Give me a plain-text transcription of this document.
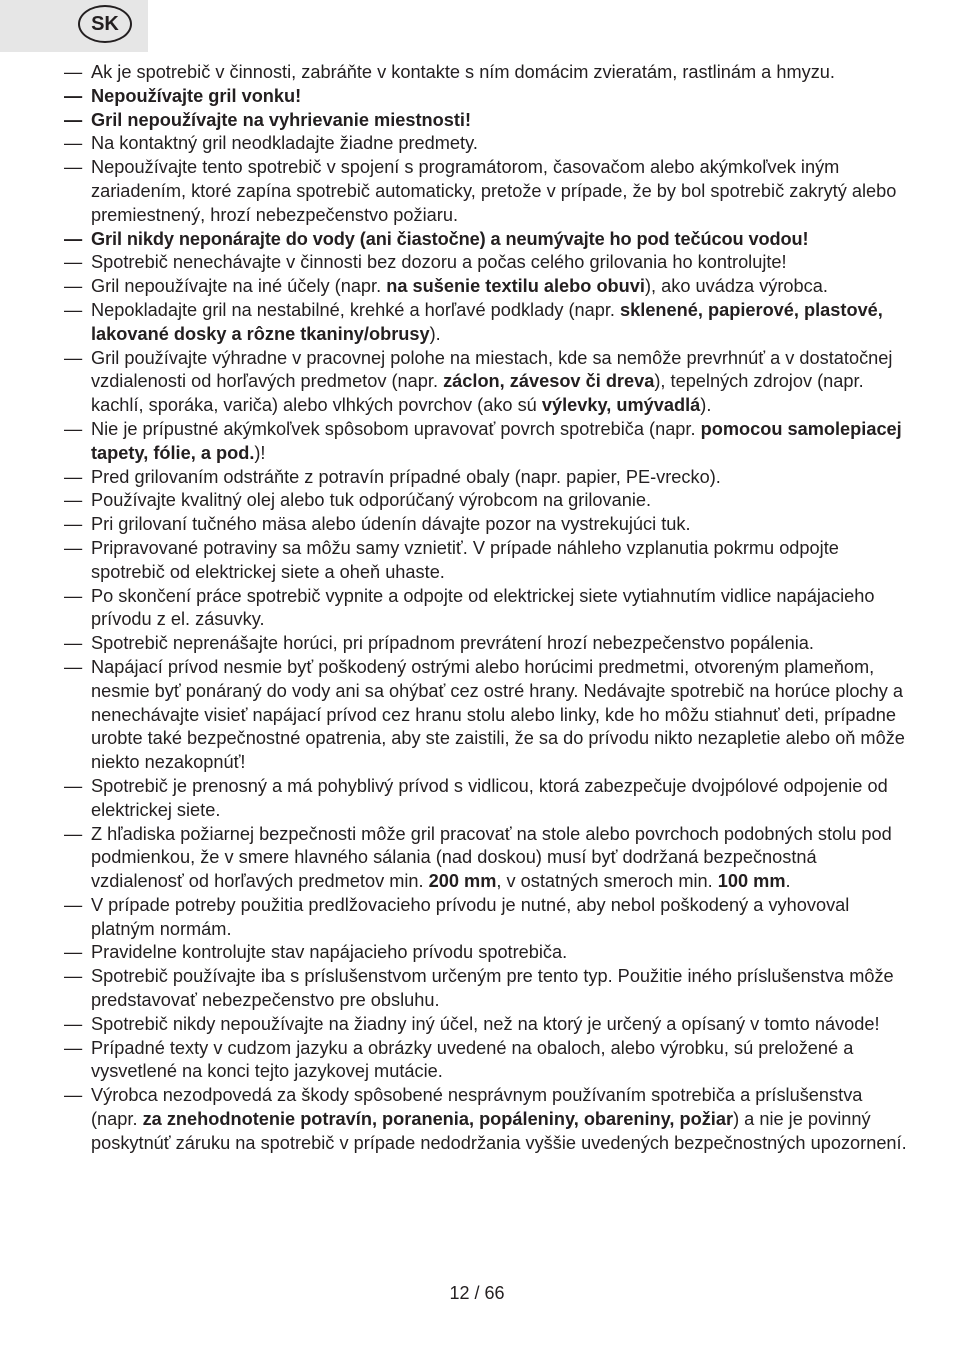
SK

— Ak je spotrebič v činnosti, zabráňte v kontakte s ním domácim zvieratám, rastlinám a hmyzu.

— Nepoužívajte gril vonku!

— Gril nepoužívajte na vyhrievanie miestnosti!

— Na kontaktný gril neodkladajte žiadne predmety.

— Nepoužívajte tento spotrebič v spojení s programátorom, časovačom alebo akýmkoľvek iným zariadením, ktoré zapína spotrebič automaticky, pretože v prípade, že by bol spotrebič zakrytý alebo premiestnený, hrozí nebezpečenstvo požiaru.

— Gril nikdy neponárajte do vody (ani čiastočne) a neumývajte ho pod tečúcou vodou!

— Spotrebič nenechávajte v činnosti bez dozoru a počas celého grilovania ho kontrolujte!

— Gril nepoužívajte na iné účely (napr. na sušenie textilu alebo obuvi), ako uvádza výrobca.

— Nepokladajte gril na nestabilné, krehké a horľavé podklady (napr. sklenené, papierové, plastové, lakované dosky a rôzne tkaniny/obrusy).

— Gril používajte výhradne v pracovnej polohe na miestach, kde sa nemôže prevrhnúť a v dostatočnej vzdialenosti od horľavých predmetov (napr. záclon, závesov či dreva), tepelných zdrojov (napr. kachlí, sporáka, variča) alebo vlhkých povrchov (ako sú výlevky, umývadlá).

— Nie je prípustné akýmkoľvek spôsobom upravovať povrch spotrebiča (napr. pomocou samolepiacej tapety, fólie, a pod.)!

— Pred grilovaním odstráňte z potravín prípadné obaly (napr. papier, PE-vrecko).

— Používajte kvalitný olej alebo tuk odporúčaný výrobcom na grilovanie.

— Pri grilovaní tučného mäsa alebo údenín dávajte pozor na vystrekujúci tuk.

— Pripravované potraviny sa môžu samy vznietiť. V prípade náhleho vzplanutia pokrmu odpojte spotrebič od elektrickej siete a oheň uhaste.

— Po skončení práce spotrebič vypnite a odpojte od elektrickej siete vytiahnutím vidlice napájacieho prívodu z el. zásuvky.

— Spotrebič neprenášajte horúci, pri prípadnom prevrátení hrozí nebezpečenstvo popálenia.

— Napájací prívod nesmie byť poškodený ostrými alebo horúcimi predmetmi, otvoreným plameňom, nesmie byť ponáraný do vody ani sa ohýbať cez ostré hrany. Nedávajte spotrebič na horúce plochy a nenechávajte visieť napájací prívod cez hranu stolu alebo linky, kde ho môžu stiahnuť deti, prípadne urobte také bezpečnostné opatrenia, aby ste zaistili, že sa do prívodu nikto nezapletie alebo oň môže niekto nezakopnúť!

— Spotrebič je prenosný a má pohyblivý prívod s vidlicou, ktorá zabezpečuje dvojpólové odpojenie od elektrickej siete.

— Z hľadiska požiarnej bezpečnosti môže gril pracovať na stole alebo povrchoch podobných stolu pod podmienkou, že v smere hlavného sálania (nad doskou) musí byť dodržaná bezpečnostná vzdialenosť od horľavých predmetov min. 200 mm, v ostatných smeroch min. 100 mm.

— V prípade potreby použitia predlžovacieho prívodu je nutné, aby nebol poškodený a vyhovoval platným normám.

— Pravidelne kontrolujte stav napájacieho prívodu spotrebiča.

— Spotrebič používajte iba s príslušenstvom určeným pre tento typ. Použitie iného príslušenstva môže predstavovať nebezpečenstvo pre obsluhu.

— Spotrebič nikdy nepoužívajte na žiadny iný účel, než na ktorý je určený a opísaný v tomto návode!

— Prípadné texty v cudzom jazyku a obrázky uvedené na obaloch, alebo výrobku, sú preložené a vysvetlené na konci tejto jazykovej mutácie.

— Výrobca nezodpovedá za škody spôsobené nesprávnym používaním spotrebiča a príslušenstva (napr. za znehodnotenie potravín, poranenia, popáleniny, obareniny, požiar) a nie je povinný poskytnúť záruku na spotrebič v prípade nedodržania vyššie uvedených bezpečnostných upozornení.

12 / 66
